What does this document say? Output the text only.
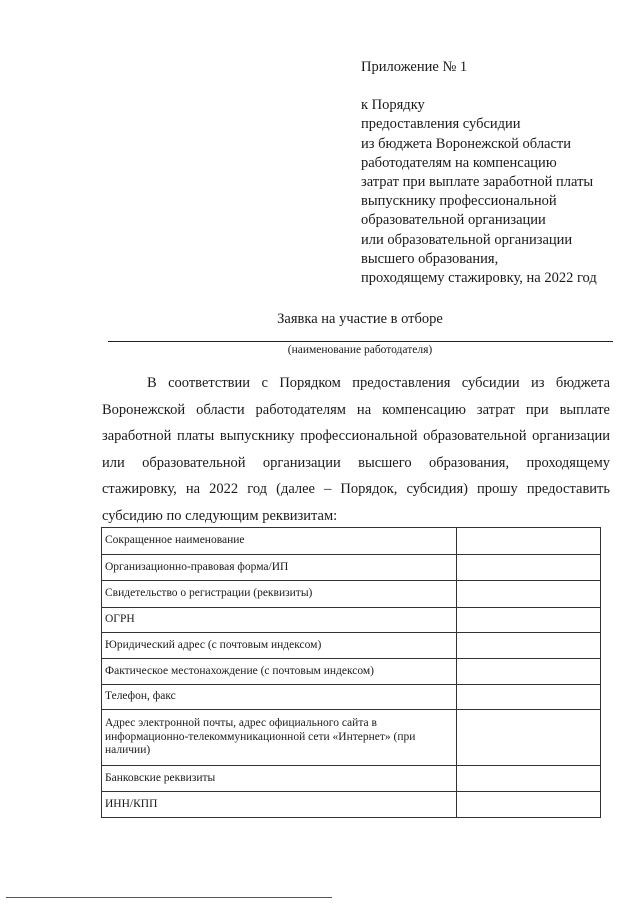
Приложение № 1
к Порядку
предоставления субсидии
из бюджета Воронежской области
работодателям на компенсацию
затрат при выплате заработной платы
выпускнику профессиональной
образовательной организации
или образовательной организации
высшего образования,
проходящему стажировку, на 2022 год
Заявка на участие в отборе
(наименование работодателя)

В соответствии с Порядком предоставления субсидии из бюджета Воронежской области работодателям на компенсацию затрат при выплате заработной платы выпускнику профессиональной образовательной организации или образовательной организации высшего образования, проходящему стажировку, на 2022 год (далее – Порядок, субсидия) прошу предоставить субсидию по следующим реквизитам:

Сокращенное наименование	
Организационно-правовая форма/ИП	
Свидетельство о регистрации (реквизиты)	
ОГРН	
Юридический адрес (с почтовым индексом)	
Фактическое местонахождение (с почтовым индексом)	
Телефон, факс	
Адрес электронной почты, адрес официального сайта в информационно-телекоммуникационной сети «Интернет» (при наличии)	
Банковские реквизиты	
ИНН/КПП	
